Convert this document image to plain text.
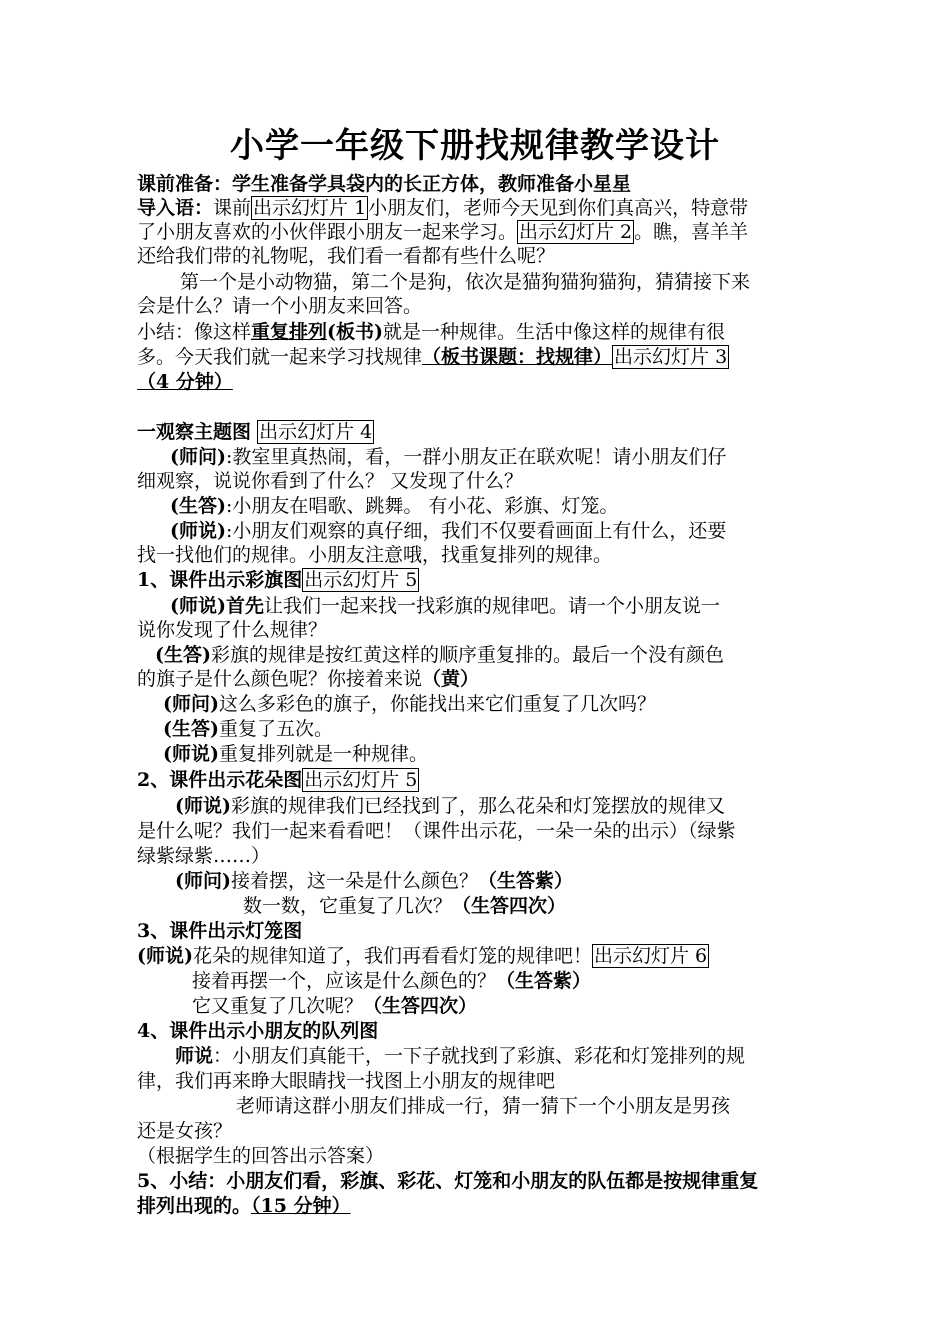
小学一年级下册找规律教学设计
课前准备：学生准备学具袋内的长正方体，教师准备小星星
导入语：课前 出示幻灯片 1 小朋友们，老师今天见到你们真高兴，特意带
了小朋友喜欢的小伙伴跟小朋友一起来学习。 出示幻灯片 2 。瞧，喜羊羊
还给我们带的礼物呢，我们看一看都有些什么呢？
第一个是小动物猫，第二个是狗，依次是猫狗猫狗猫狗，猜猜接下来
会是什么？请一个小朋友来回答。
小结：像这样重复排列(板书)就是一种规律。生活中像这样的规律有很
多。今天我们就一起来学习找规律（板书课题：找规律） 出示幻灯片 3
（4 分钟）
一观察主题图 出示幻灯片 4
(师问):教室里真热闹，看，一群小朋友正在联欢呢！请小朋友们仔
细观察，说说你看到了什么？ 又发现了什么？
(生答):小朋友在唱歌、跳舞。 有小花、彩旗、灯笼。
(师说):小朋友们观察的真仔细，我们不仅要看画面上有什么，还要
找一找他们的规律。小朋友注意哦，找重复排列的规律。
1、课件出示彩旗图 出示幻灯片 5
(师说)首先让我们一起来找一找彩旗的规律吧。请一个小朋友说一
说你发现了什么规律？
(生答)彩旗的规律是按红黄这样的顺序重复排的。最后一个没有颜色
的旗子是什么颜色呢？你接着来说（黄）
(师问)这么多彩色的旗子，你能找出来它们重复了几次吗？
(生答)重复了五次。
(师说)重复排列就是一种规律。
2、课件出示花朵图 出示幻灯片 5
(师说)彩旗的规律我们已经找到了，那么花朵和灯笼摆放的规律又
是什么呢？我们一起来看看吧！（课件出示花，一朵一朵的出示）（绿紫
绿紫绿紫……）
(师问)接着摆，这一朵是什么颜色？（生答紫）
数一数，它重复了几次？（生答四次）
3、课件出示灯笼图
(师说)花朵的规律知道了，我们再看看灯笼的规律吧！ 出示幻灯片 6
接着再摆一个，应该是什么颜色的？（生答紫）
它又重复了几次呢？（生答四次）
4、课件出示小朋友的队列图
师说：小朋友们真能干，一下子就找到了彩旗、彩花和灯笼排列的规
律，我们再来睁大眼睛找一找图上小朋友的规律吧
老师请这群小朋友们排成一行，猜一猜下一个小朋友是男孩
还是女孩？
（根据学生的回答出示答案）
5、小结：小朋友们看，彩旗、彩花、灯笼和小朋友的队伍都是按规律重复
排列出现的。（15 分钟）
